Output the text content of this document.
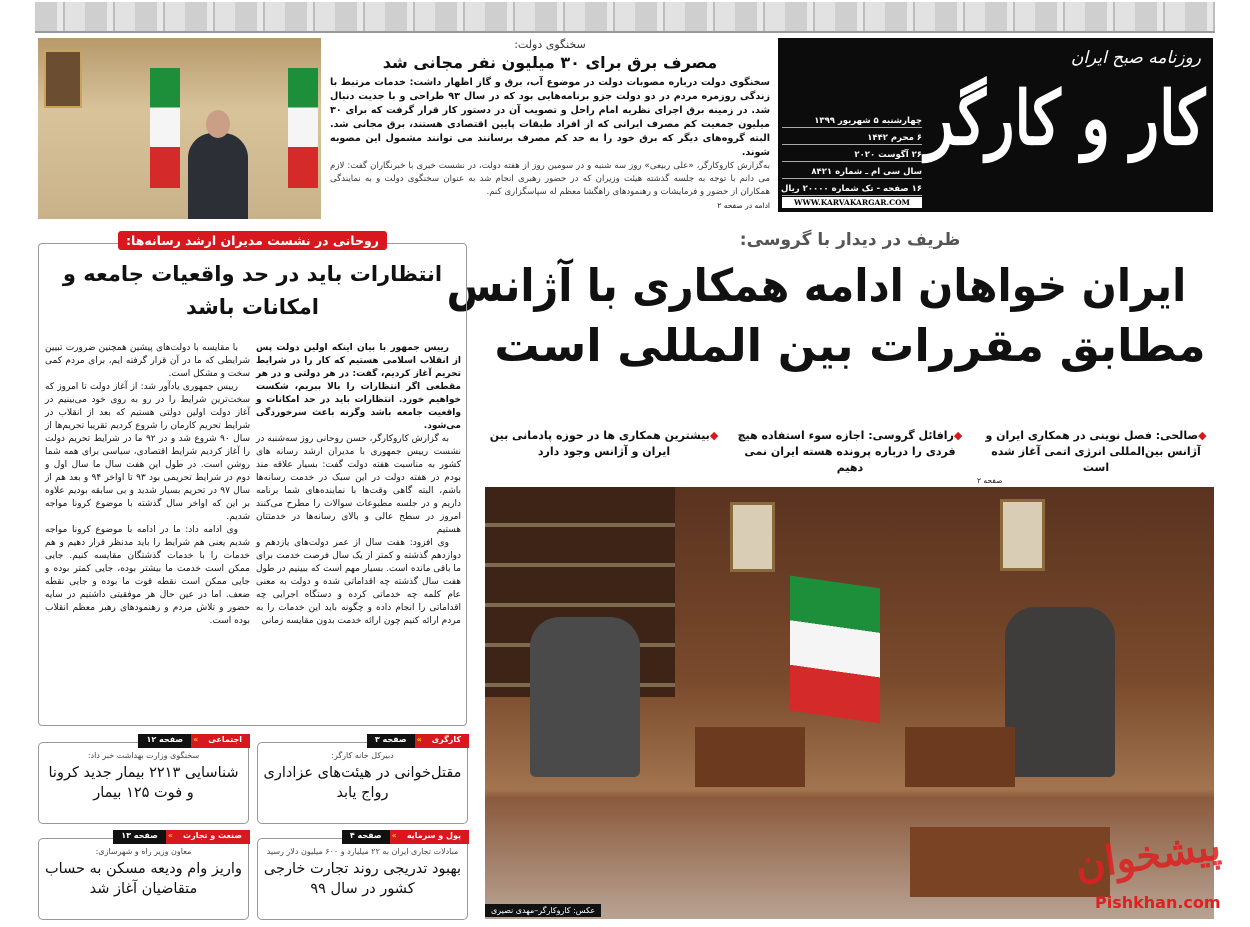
سخنگوی دولت:
مصرف برق برای ۳۰ میلیون نفر مجانی شد
سخنگوی دولت درباره مصوبات دولت در موضوع آب، برق و گاز اظهار داشت: خدمات مرتبط با زندگی روزمره مردم در دو دولت جزو برنامه‌هایی بود که در سال ۹۳ طراحی و با جدیت دنبال شد. در زمینه برق اجرای نظریه امام راحل و تصویب آن در دستور کار قرار گرفت که برای ۳۰ میلیون جمعیت کم مصرف ایرانی که از افراد طبقات پایین اقتصادی هستند، برق مجانی شد. البته گروه‌های دیگر که برق خود را به حد کم مصرف برسانند می توانند مشمول این مصوبه شوند.
به‌گزارش کاروکارگر، «علی ربیعی» روز سه شنبه و در سومین روز از هفته دولت، در نشست خبری با خبرنگاران گفت: لازم می دانم با توجه به جلسه گذشته هیئت وزیران که در حضور رهبری انجام شد به عنوان سخنگوی دولت و به نمایندگی همکاران از حضور و فرمایشات و رهنمودهای راهگشا معظم له سپاسگزاری کنم.
ادامه در صفحه ۲
روزنامه صبح ایران
کار و کارگر
چهارشنبه ۵ شهریور ۱۳۹۹
۶ محرم ۱۴۴۲
۲۶ آگوست ۲۰۲۰
سال سی ام ـ شماره ۸۴۲۱
۱۶ صفحه - تک شماره ۲۰۰۰۰ ریال
WWW.KARVAKARGAR.COM
ظریف در دیدار با گروسی:
ایران خواهان ادامه همکاری با آژانس
مطابق مقررات بین المللی است
◆بیشترین همکاری ها در حوزه پادمانی بین ایران و آژانس وجود دارد
◆رافائل گروسی: اجازه سوء استفاده هیچ فردی را درباره پرونده هسته ایران نمی دهیم
◆صالحی: فصل نوینی در همکاری ایران و آژانس بین‌المللی انرژی اتمی آغاز شده است
صفحه ۲
عکس: کاروکارگر–مهدی نصیری
روحانی در نشست مدیران ارشد رسانه‌ها:
انتظارات باید در حد واقعیات جامعه و امکانات باشد

رییس جمهور با بیان اینکه اولین دولت پس از انقلاب اسلامی هستیم که کار را در شرایط تحریم آغاز کردیم، گفت: در هر دولتی و در هر مقطعی اگر انتظارات را بالا ببریم، شکست خواهیم خورد. انتظارات باید در حد امکانات و واقعیت جامعه باشد وگرنه باعث سرخوردگی می‌شود.

به گزارش کاروکارگر، حسن روحانی روز سه‌شنبه در نشست رییس جمهوری با مدیران ارشد رسانه های کشور به مناسبت هفته دولت گفت: بسیار علاقه مند بودم در هفته دولت در این سبک در خدمت رسانه‌ها باشم، البته گاهی وقت‌ها با نماینده‌های شما برنامه داریم و در جلسه مطبوعات سوالات را مطرح می‌کنند امروز در سطح عالی و بالای رسانه‌ها در خدمتتان هستیم

وی افزود: هفت سال از عمر دولت‌های یازدهم و دوازدهم گذشته و کمتر از یک سال فرصت خدمت برای ما باقی مانده است. بسیار مهم است که ببینیم در طول هفت سال گذشته چه اقداماتی شده و دولت به معنی عام کلمه چه خدماتی کرده و دستگاه اجرایی چه اقداماتی را انجام داده و چگونه باید این خدمات را به مردم ارائه کنیم چون ارائه خدمت بدون مقایسه زمانی

با مقایسه با دولت‌های پیشین همچنین ضرورت تبیین شرایطی که ما در آن قرار گرفته ایم، برای مردم کمی سخت و مشکل است.

رییس جمهوری یادآور شد: از آغاز دولت تا امروز که سخت‌ترین شرایط را در رو به روی خود می‌بینیم در آغاز دولت اولین دولتی هستیم که بعد از انقلاب در شرایط تحریم کارمان را شروع کردیم تقریبا تحریم‌ها از سال ۹۰ شروع شد و در ۹۲ ما در شرایط تحریم دولت را آغاز کردیم شرایط اقتصادی، سیاسی برای همه شما روشن است. در طول این هفت سال ما سال اول و دوم در شرایط تحریمی بود ۹۳ تا اواخر ۹۴ و بعد هم از سال ۹۷ در تحریم بسیار شدید و بی سابقه بودیم علاوه بر این که اواخر سال گذشته با موضوع کرونا مواجه شدیم.

وی ادامه داد: ما در ادامه با موضوع کرونا مواجه شدیم یعنی هم شرایط را باید مدنظر قرار دهیم و هم خدمات را با خدمات گذشتگان مقایسه کنیم. جایی ممکن است خدمت ما بیشتر بوده، جایی کمتر بوده و جایی ممکن است نقطه قوت ما بوده و جایی نقطه ضعف. اما در عین حال هر موفقیتی داشتیم در سایه حضور و تلاش مردم و رهنمودهای رهبر معظم انقلاب بوده است.

کارگری
»
صفحه ۳
دبیرکل خانه کارگر:
مقتل‌خوانی در هیئت‌های عزاداری رواج یابد
اجتماعی
»
صفحه ۱۲
سخنگوی وزارت بهداشت خبر داد:
شناسایی ۲۲۱۳ بیمار جدید کرونا و فوت ۱۲۵ بیمار
پول و سرمایه
»
صفحه ۴
مبادلات تجاری ایران به ۲۲ میلیارد و ۶۰۰ میلیون دلار رسید
بهبود تدریجی روند تجارت خارجی کشور در سال ۹۹
صنعت و تجارت
»
صفحه ۱۳
معاون وزیر راه و شهرسازی:
واریز وام ودیعه مسکن به حساب متقاضیان آغاز شد
پیشخوان
Pishkhan.com
